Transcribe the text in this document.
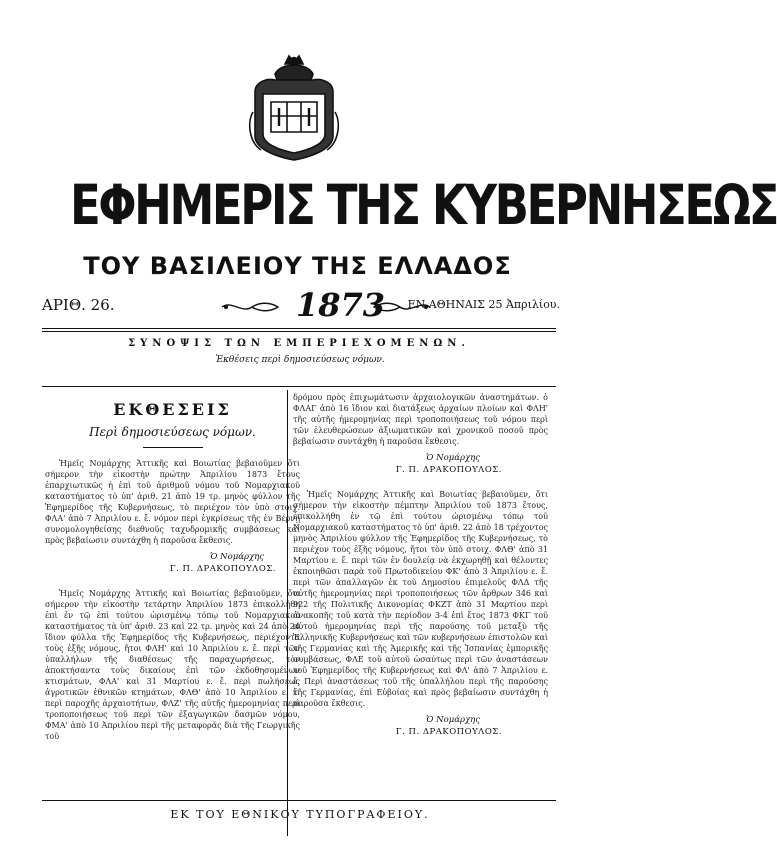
ΕΦΗΜΕΡΙΣ ΤΗΣ ΚΥΒΕΡΝΗΣΕΩΣ
ΤΟΥ ΒΑΣΙΛΕΙΟΥ ΤΗΣ ΕΛΛΑΔΟΣ
ΑΡΙΘ. 26.	1873 ΕΝ ΑΘΗΝΑΙΣ 25 Ἀπριλίου.
ΣΥΝΟΨΙΣ ΤΩΝ ΕΜΠΕΡΙΕΧΟΜΕΝΩΝ.
Ἐκθέσεις περὶ δημοσιεύσεως νόμων.
ΕΚΘΕΣΕΙΣ
Περὶ δημοσιεύσεως νόμων.

Ἡμεῖς Νομάρχης Ἀττικῆς καὶ Βοιωτίας βεβαιοῦμεν ὅτι σήμερον τὴν εἰκοστὴν πρώτην Ἀπριλίου 1873 ἔτους ἐπαρχιωτικῶς ἡ ἐπὶ τοῦ ἀριθμοῦ νόμου τοῦ Νομαρχιακοῦ καταστήματος τὸ ὑπ' ἀριθ. 21 ἀπὸ 19 τρ. μηνὸς φύλλον τῆς Ἐφημερίδος τῆς Κυβερνήσεως, τὸ περιέχον τὸν ὑπὸ στοιχ. ΦΛΑ' ἀπὸ 7 Ἀπριλίου ε. ἔ. νόμον περὶ ἐγκρίσεως τῆς ἐν Βέρνῃ συνομολογηθείσης διεθνοῦς ταχυδρομικῆς συμβάσεως καὶ πρὸς βεβαίωσιν συντάχθη ἡ παροῦσα ἔκθεσις.

Ὁ Νομάρχης
Γ. Π. ΔΡΑΚΟΠΟΥΛΟΣ.

Ἡμεῖς Νομάρχης Ἀττικῆς καὶ Βοιωτίας βεβαιοῦμεν, ὅτι σήμερον τὴν εἰκοστὴν τετάρτην Ἀπριλίου 1873 ἐπικολλήθη ἐπὶ ἐν τῷ ἐπὶ τούτου ὡρισμένῳ τόπῳ τοῦ Νομαρχιακοῦ καταστήματος τὰ ὑπ' ἀριθ. 23 καὶ 22 τρ. μηνὸς καὶ 24 ἀπὸ 24 ἴδιον φύλλα τῆς Ἐφημερίδος τῆς Κυβερνήσεως, περιέχοντα τοὺς ἑξῆς νόμους, ἤτοι ΦΛΗ' καὶ 10 Ἀπριλίου ε. ἔ. περὶ τῶν ὑπαλλήλων τῆς διαθέσεως τῆς παραχωρήσεως, τὸν ἀποκτήσαντα τοὺς δικαίους ἐπὶ τῶν ἐκδοθησομένων κτισμάτων, ΦΛΑ' καὶ 31 Μαρτίου ε. ἔ. περὶ πωλήσεως ἀγροτικῶν ἐθνικῶν κτημάτων, ΦΛΘ' ἀπὸ 10 Ἀπριλίου ε. ἔ. περὶ παροχῆς ἀρχαιοτήτων, ΦΛΖ' τῆς αὐτῆς ἡμερομηνίας περὶ τροποποιήσεως τοῦ περὶ τῶν ἐξαγωγικῶν δασμῶν νόμου, ΦΜΑ' ἀπὸ 10 Ἀπριλίου περὶ τῆς μεταφορᾶς διὰ τῆς Γεωργικῆς τοῦ

δρόμου πρὸς ἐπιχωμάτωσιν ἀρχαιολογικῶν ἀναστημάτων. ὁ ΦΛΑΓ ἀπὸ 16 ἴδιον καὶ διατάξεως ἀρχαίων πλοίων καὶ ΦΛΗ' τῆς αὐτῆς ἡμερομηνίας περὶ τροποποιήσεως τοῦ νόμου περὶ τῶν ἐλευθερώσεων ἀξιωματικῶν καὶ χρονικοῦ ποσοῦ πρὸς βεβαίωσιν συντάχθη ἡ παροῦσα ἔκθεσις.

Ὁ Νομάρχης
Γ. Π. ΔΡΑΚΟΠΟΥΛΟΣ.

Ἡμεῖς Νομάρχης Ἀττικῆς καὶ Βοιωτίας βεβαιοῦμεν, ὅτι σήμερον τὴν εἰκοστὴν πέμπτην Ἀπριλίου τοῦ 1873 ἔτους, ἐπικολλήθη ἐν τῷ ἐπὶ τούτου ὡρισμένῳ τόπῳ τοῦ Νομαρχιακοῦ καταστήματος τὸ ὑπ' ἀριθ. 22 ἀπὸ 18 τρέχοντος μηνὸς Ἀπριλίου φύλλον τῆς Ἐφημερίδος τῆς Κυβερνήσεως, τὸ περιέχον τοὺς ἑξῆς νόμους, ἤτοι τὸν ὑπὸ στοιχ. ΦΛΘ' ἀπὸ 31 Μαρτίου ε. ἔ. περὶ τῶν ἐν δουλείᾳ νὰ ἐκχωρηθῇ καὶ θέλοντες ἐκποιηθῶσι παρὰ τοῦ Πρωτοδικείου ΦΚ' ἀπὸ 3 Ἀπριλίου ε. ἔ. περὶ τῶν ἀπαλλαγῶν ἐκ τοῦ Δημοσίου ἐπιμελοῦς ΦΛΔ τῆς αὐτῆς ἡμερομηνίας περὶ τροποποιήσεως τῶν ἄρθρων 346 καὶ 922 τῆς Πολιτικῆς Δικονομίας ΦΚΖΤ ἀπὸ 31 Μαρτίου περὶ ἀνακοπῆς τοῦ κατὰ τὴν περίοδον 3-4 ἐπὶ ἔτος 1873 ΦΚΓ τοῦ αὐτοῦ ἡμερομηνίας περὶ τῆς παρούσης τοῦ μεταξὺ τῆς Ἑλληνικῆς Κυβερνήσεως καὶ τῶν κυβερνήσεων ἐπιστολῶν καὶ τῆς Γερμανίας καὶ τῆς Ἀμερικῆς καὶ τῆς Ἰσπανίας ἐμπορικῆς συμβάσεως, ΦΛΕ τοῦ αὐτοῦ ὡσαύτως περὶ τῶν ἀναστάσεων τοῦ Ἐφημερίδος τῆς Κυβερνήσεως καὶ ΦΛ' ἀπὸ 7 Ἀπριλίου ε. ἔ. Περὶ ἀναστάσεως τοῦ τῆς ὑπαλλήλου περὶ τῆς παρούσης τῆς Γερμανίας, ἐπὶ Εὐβοίας καὶ πρὸς βεβαίωσιν συντάχθη ἡ παροῦσα ἔκθεσις.

Ὁ Νομάρχης
Γ. Π. ΔΡΑΚΟΠΟΥΛΟΣ.
ΕΚ ΤΟΥ ΕΘΝΙΚΟΥ ΤΥΠΟΓΡΑΦΕΙΟΥ.
